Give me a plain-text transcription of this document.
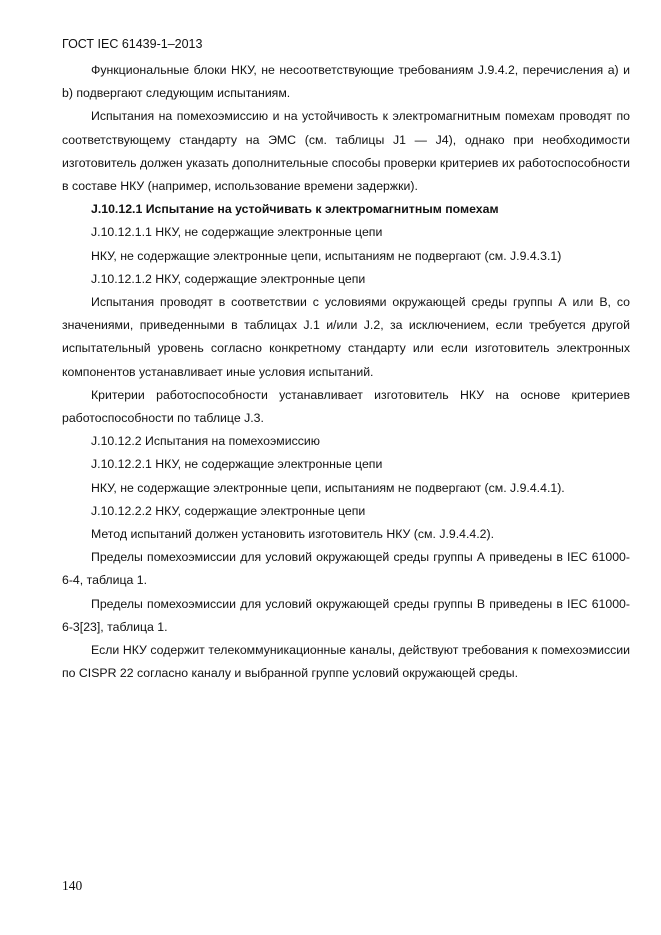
ГОСТ IEC 61439-1–2013

Функциональные блоки НКУ, не несоответствующие требованиям J.9.4.2, перечисления а) и b) подвергают следующим испытаниям.

Испытания на помехоэмиссию и на устойчивость к электромагнитным помехам проводят по соответствующему стандарту на ЭМС (см. таблицы J1 — J4), однако при необходимости изготовитель должен указать дополнительные способы проверки критериев их работоспособности в составе НКУ (например, использование времени задержки).

J.10.12.1 Испытание на устойчивать к электромагнитным помехам

J.10.12.1.1 НКУ, не содержащие электронные цепи

НКУ, не содержащие электронные цепи, испытаниям не подвергают (см. J.9.4.3.1)

J.10.12.1.2 НКУ, содержащие электронные цепи

Испытания проводят в соответствии с условиями окружающей среды группы А или В, со значениями, приведенными в таблицах J.1 и/или J.2, за исключением, если требуется другой испытательный уровень согласно конкретному стандарту или если изготовитель электронных компонентов устанавливает иные условия испытаний.

Критерии работоспособности устанавливает изготовитель НКУ на основе критериев работоспособности по таблице J.3.

J.10.12.2 Испытания на помехоэмиссию

J.10.12.2.1 НКУ, не содержащие электронные цепи

НКУ, не содержащие электронные цепи, испытаниям не подвергают (см. J.9.4.4.1).

J.10.12.2.2 НКУ, содержащие электронные цепи

Метод испытаний должен установить изготовитель НКУ (см. J.9.4.4.2).

Пределы помехоэмиссии для условий окружающей среды группы А приведены в IEC 61000-6-4, таблица 1.

Пределы помехоэмиссии для условий окружающей среды группы В приведены в IEC 61000-6-3[23], таблица 1.

Если НКУ содержит телекоммуникационные каналы, действуют требования к помехоэмиссии по CISPR 22 согласно каналу и выбранной группе условий окружающей среды.

140
